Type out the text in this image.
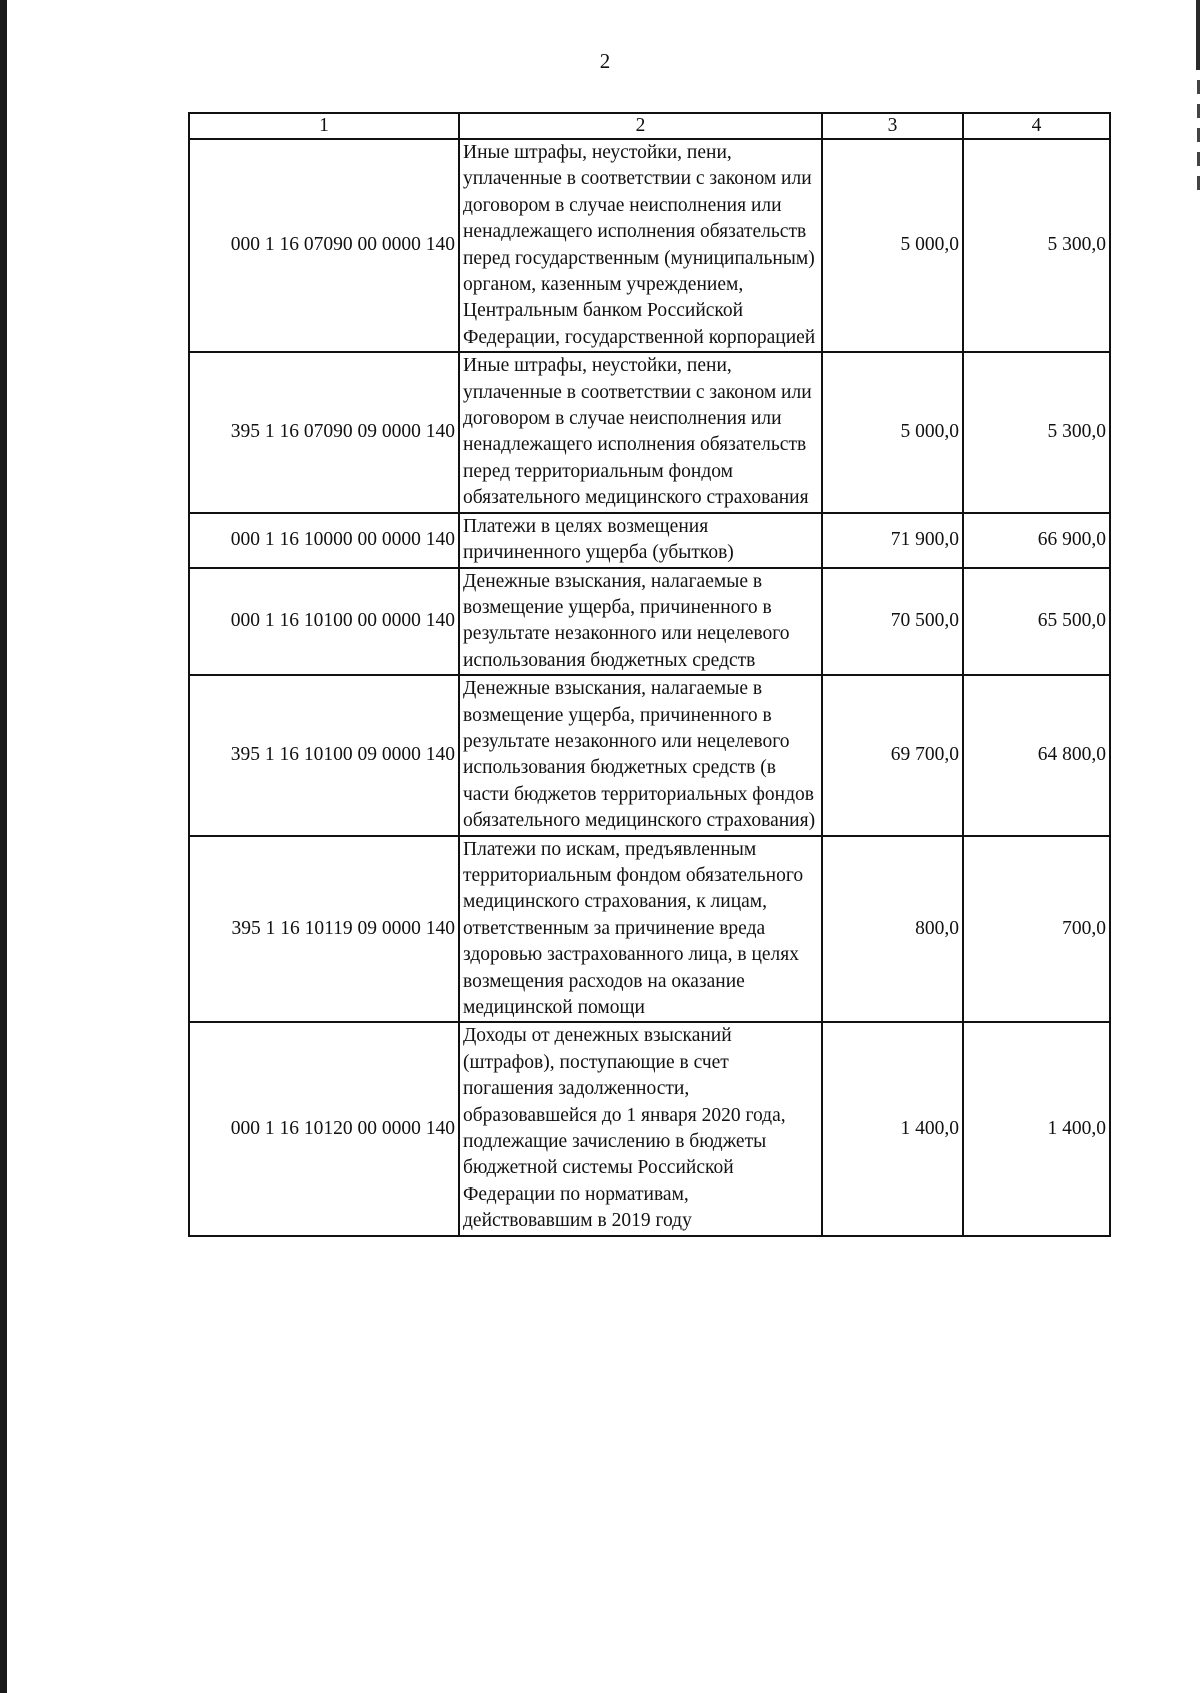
2
1	2	3	4
000 1 16 07090 00 0000 140	Иные штрафы, неустойки, пени, уплаченные в соответствии с законом или договором в случае неисполнения или ненадлежащего исполнения обязательств перед государственным (муниципальным) органом, казенным учреждением, Центральным банком Российской Федерации, государственной корпорацией	5 000,0	5 300,0
395 1 16 07090 09 0000 140	Иные штрафы, неустойки, пени, уплаченные в соответствии с законом или договором в случае неисполнения или ненадлежащего исполнения обязательств перед территориальным фондом обязательного медицинского страхования	5 000,0	5 300,0
000 1 16 10000 00 0000 140	Платежи в целях возмещения причиненного ущерба (убытков)	71 900,0	66 900,0
000 1 16 10100 00 0000 140	Денежные взыскания, налагаемые в возмещение ущерба, причиненного в результате незаконного или нецелевого использования бюджетных средств	70 500,0	65 500,0
395 1 16 10100 09 0000 140	Денежные взыскания, налагаемые в возмещение ущерба, причиненного в результате незаконного или нецелевого использования бюджетных средств (в части бюджетов территориальных фондов обязательного медицинского страхования)	69 700,0	64 800,0
395 1 16 10119 09 0000 140	Платежи по искам, предъявленным территориальным фондом обязательного медицинского страхования, к лицам, ответственным за причинение вреда здоровью застрахованного лица, в целях возмещения расходов на оказание медицинской помощи	800,0	700,0
000 1 16 10120 00 0000 140	Доходы от денежных взысканий (штрафов), поступающие в счет погашения задолженности, образовавшейся до 1 января 2020 года, подлежащие зачислению в бюджеты бюджетной системы Российской Федерации по нормативам, действовавшим в 2019 году	1 400,0	1 400,0
